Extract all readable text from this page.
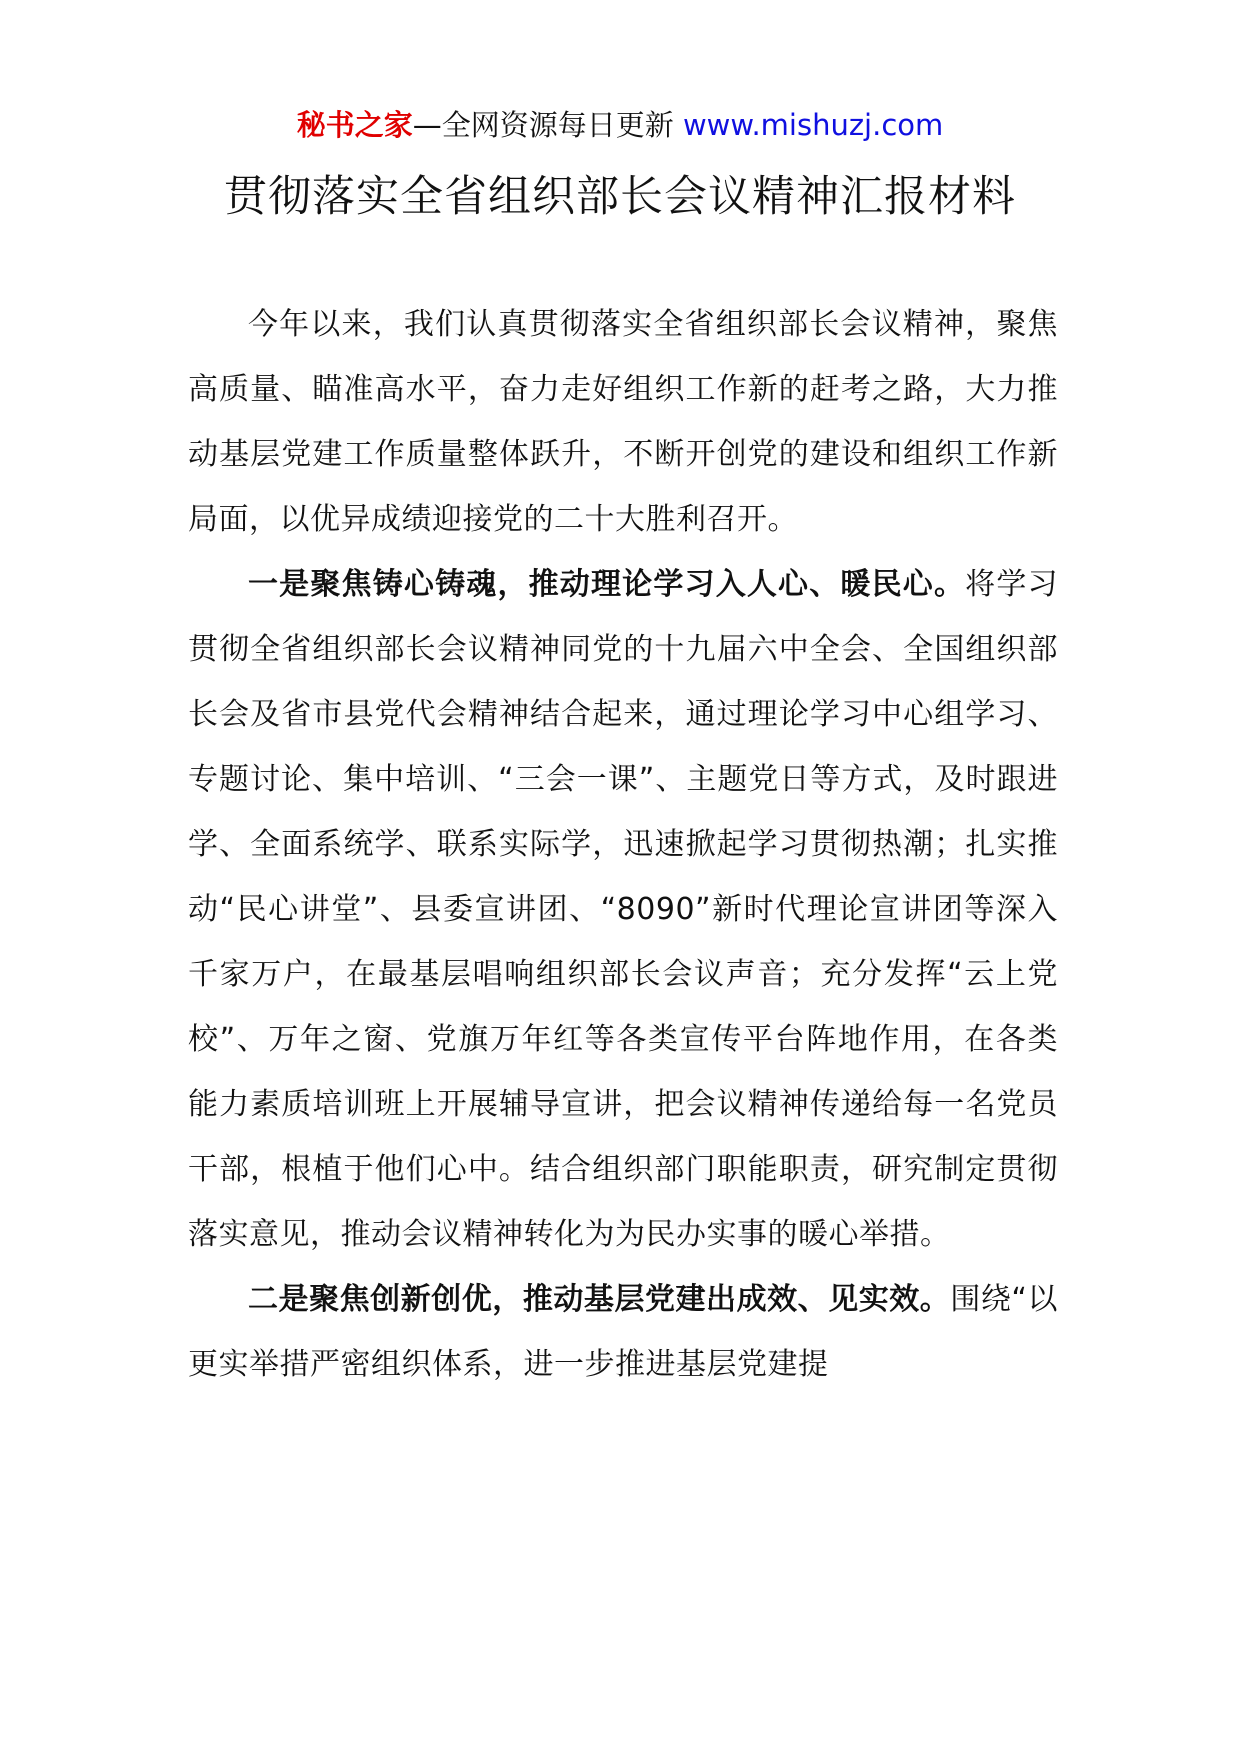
秘书之家—全网资源每日更新 www.mishuzj.com
贯彻落实全省组织部长会议精神汇报材料

今年以来，我们认真贯彻落实全省组织部长会议精神，聚焦高质量、瞄准高水平，奋力走好组织工作新的赶考之路，大力推动基层党建工作质量整体跃升，不断开创党的建设和组织工作新局面，以优异成绩迎接党的二十大胜利召开。

一是聚焦铸心铸魂，推动理论学习入人心、暖民心。将学习贯彻全省组织部长会议精神同党的十九届六中全会、全国组织部长会及省市县党代会精神结合起来，通过理论学习中心组学习、专题讨论、集中培训、“三会一课”、主题党日等方式，及时跟进学、全面系统学、联系实际学，迅速掀起学习贯彻热潮；扎实推动“民心讲堂”、县委宣讲团、“8090”新时代理论宣讲团等深入千家万户，在最基层唱响组织部长会议声音；充分发挥“云上党校”、万年之窗、党旗万年红等各类宣传平台阵地作用，在各类能力素质培训班上开展辅导宣讲，把会议精神传递给每一名党员干部，根植于他们心中。结合组织部门职能职责，研究制定贯彻落实意见，推动会议精神转化为为民办实事的暖心举措。

二是聚焦创新创优，推动基层党建出成效、见实效。围绕“以更实举措严密组织体系，进一步推进基层党建提
